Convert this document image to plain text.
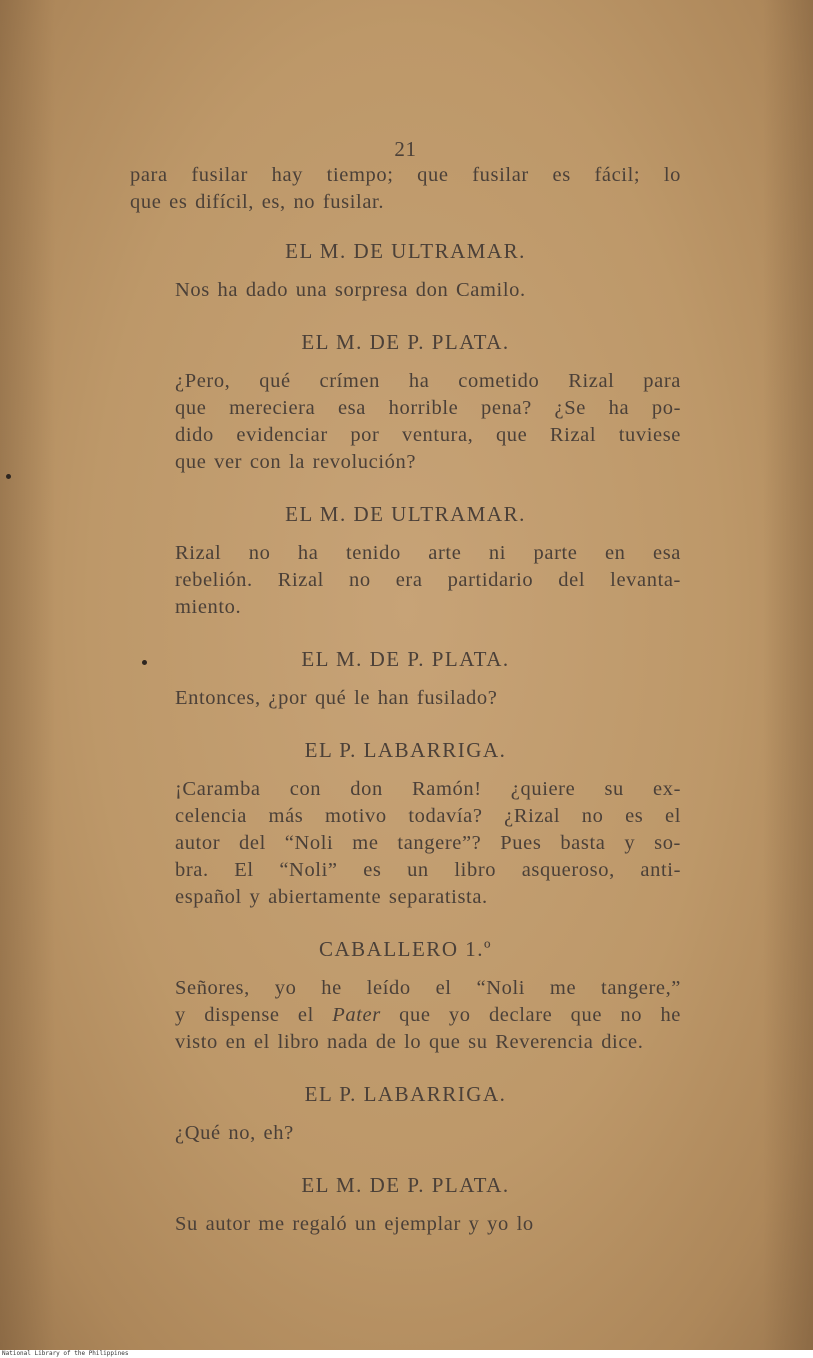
21
para fusilar hay tiempo; que fusilar es fácil; lo
que es difícil, es, no fusilar.
EL M. DE ULTRAMAR.
Nos ha dado una sorpresa don Camilo.
EL M. DE P. PLATA.
¿Pero, qué crímen ha cometido Rizal para
que mereciera esa horrible pena? ¿Se ha po-
dido evidenciar por ventura, que Rizal tuviese
que ver con la revolución?
EL M. DE ULTRAMAR.
Rizal no ha tenido arte ni parte en esa
rebelión. Rizal no era partidario del levanta-
miento.
EL M. DE P. PLATA.
Entonces, ¿por qué le han fusilado?
EL P. LABARRIGA.
¡Caramba con don Ramón! ¿quiere su ex-
celencia más motivo todavía? ¿Rizal no es el
autor del “Noli me tangere”? Pues basta y so-
bra. El “Noli” es un libro asqueroso, anti-
español y abiertamente separatista.
CABALLERO 1.º
Señores, yo he leído el “Noli me tangere,”
y dispense el Pater que yo declare que no he
visto en el libro nada de lo que su Reverencia dice.
EL P. LABARRIGA.
¿Qué no, eh?
EL M. DE P. PLATA.
Su autor me regaló un ejemplar y yo lo
National Library of the Philippines
